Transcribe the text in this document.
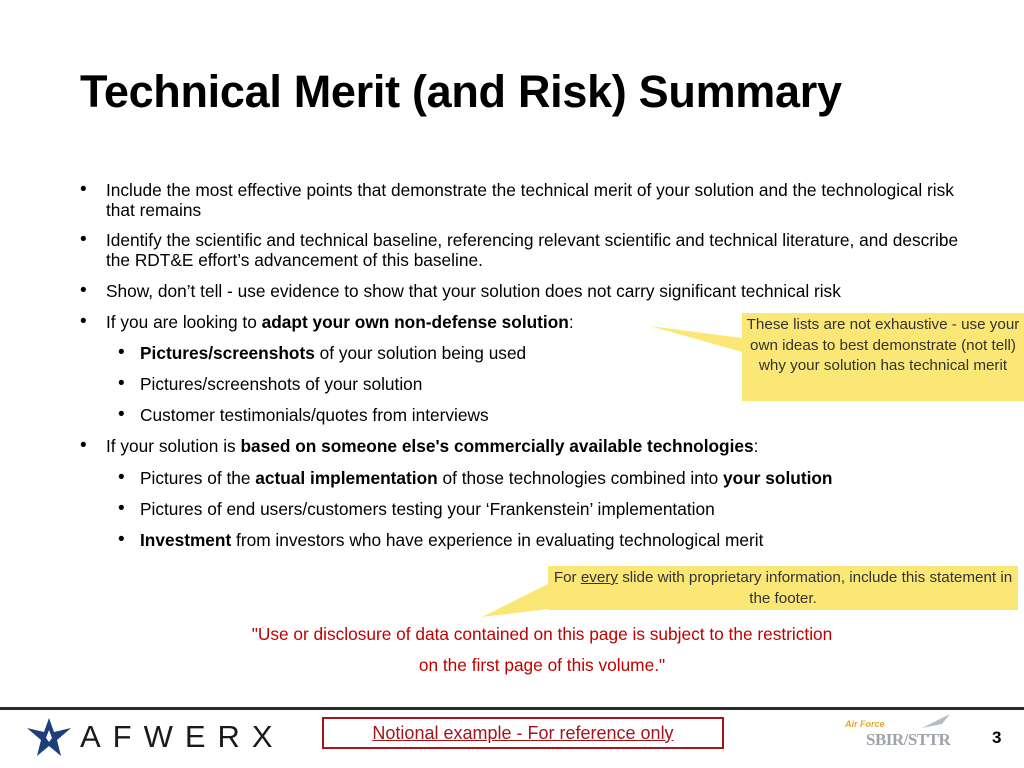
Technical Merit (and Risk) Summary
• Include the most effective points that demonstrate the technical merit of your solution and the technological risk that remains
• Identify the scientific and technical baseline, referencing relevant scientific and technical literature, and describe the RDT&E effort’s advancement of this baseline.
• Show, don’t tell - use evidence to show that your solution does not carry significant technical risk
• If you are looking to adapt your own non-defense solution:
• Pictures/screenshots of your solution being used
• Pictures/screenshots of your solution
• Customer testimonials/quotes from interviews
• If your solution is based on someone else's commercially available technologies:
• Pictures of the actual implementation of those technologies combined into your solution
• Pictures of end users/customers testing your ‘Frankenstein’ implementation
• Investment from investors who have experience in evaluating technological merit
These lists are not exhaustive - use your own ideas to best demonstrate (not tell) why your solution has technical merit
For every slide with proprietary information, include this statement in the footer.
"Use or disclosure of data contained on this page is subject to the restriction
on the first page of this volume."
AFWERX	Notional example - For reference only	Air Force
SBIR/STTR 3
